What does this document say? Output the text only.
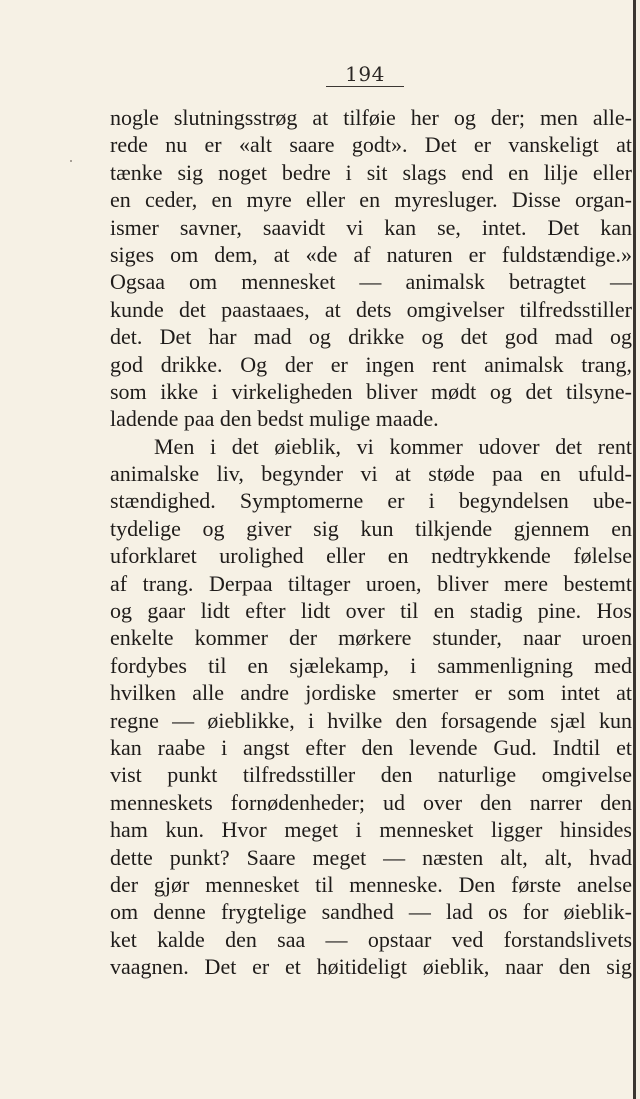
194
nogle slutningsstrøg at tilføie her og der; men alle-
rede nu er «alt saare godt». Det er vanskeligt at
tænke sig noget bedre i sit slags end en lilje eller
en ceder, en myre eller en myresluger. Disse organ-
ismer savner, saavidt vi kan se, intet. Det kan
siges om dem, at «de af naturen er fuldstændige.»
Ogsaa om mennesket — animalsk betragtet —
kunde det paastaaes, at dets omgivelser tilfredsstiller
det. Det har mad og drikke og det god mad og
god drikke. Og der er ingen rent animalsk trang,
som ikke i virkeligheden bliver mødt og det tilsyne-
ladende paa den bedst mulige maade.
Men i det øieblik, vi kommer udover det rent
animalske liv, begynder vi at støde paa en ufuld-
stændighed. Symptomerne er i begyndelsen ube-
tydelige og giver sig kun tilkjende gjennem en
uforklaret urolighed eller en nedtrykkende følelse
af trang. Derpaa tiltager uroen, bliver mere bestemt
og gaar lidt efter lidt over til en stadig pine. Hos
enkelte kommer der mørkere stunder, naar uroen
fordybes til en sjælekamp, i sammenligning med
hvilken alle andre jordiske smerter er som intet at
regne — øieblikke, i hvilke den forsagende sjæl kun
kan raabe i angst efter den levende Gud. Indtil et
vist punkt tilfredsstiller den naturlige omgivelse
menneskets fornødenheder; ud over den narrer den
ham kun. Hvor meget i mennesket ligger hinsides
dette punkt? Saare meget — næsten alt, alt, hvad
der gjør mennesket til menneske. Den første anelse
om denne frygtelige sandhed — lad os for øieblik-
ket kalde den saa — opstaar ved forstandslivets
vaagnen. Det er et høitideligt øieblik, naar den sig
